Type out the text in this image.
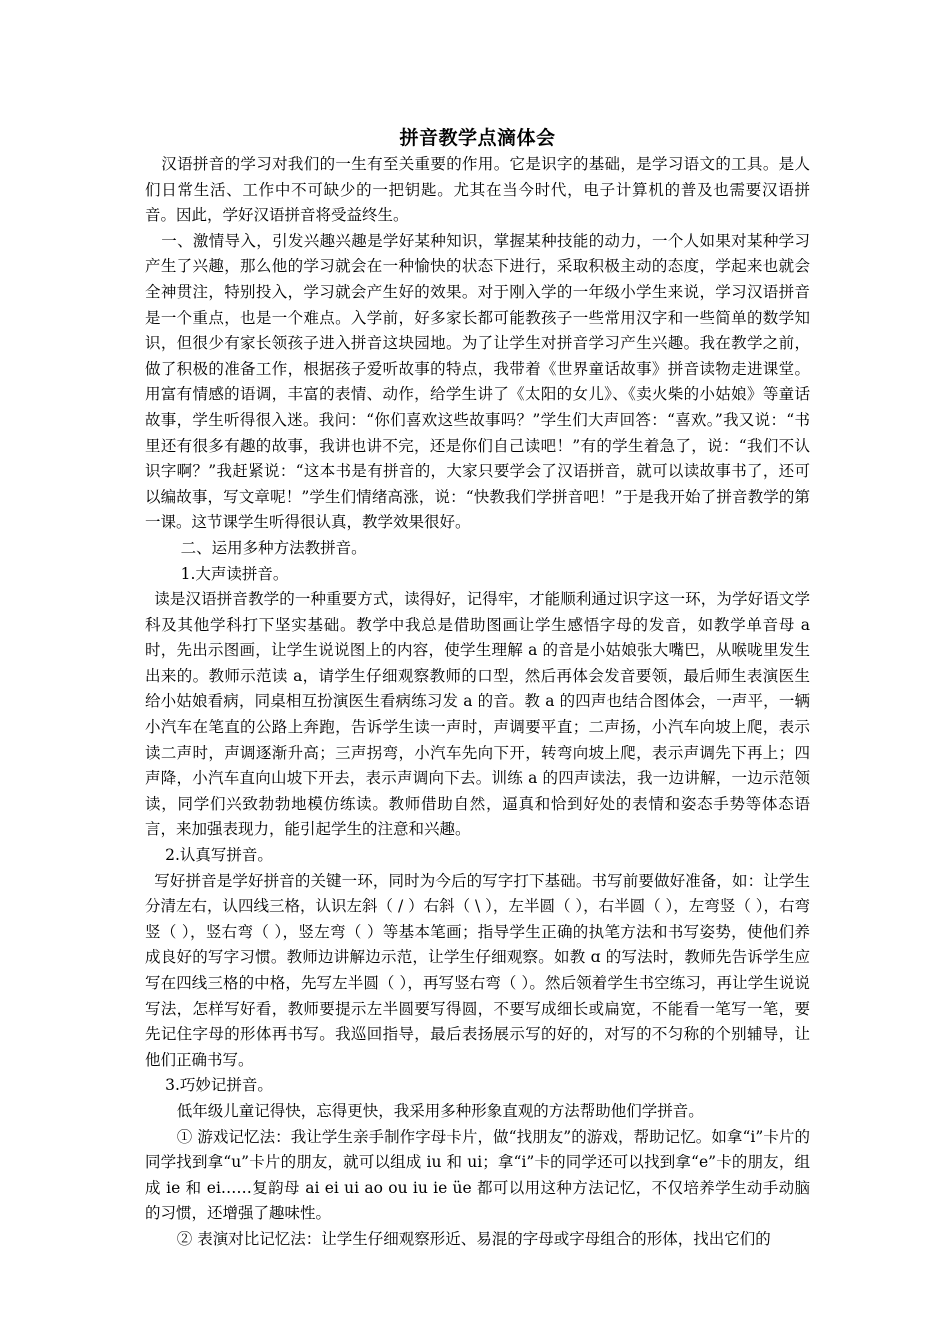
拼音教学点滴体会

汉语拼音的学习对我们的一生有至关重要的作用。它是识字的基础，是学习语文的工具。是人们日常生活、工作中不可缺少的一把钥匙。尤其在当今时代，电子计算机的普及也需要汉语拼音。因此，学好汉语拼音将受益终生。

一、激情导入，引发兴趣兴趣是学好某种知识，掌握某种技能的动力，一个人如果对某种学习产生了兴趣，那么他的学习就会在一种愉快的状态下进行，采取积极主动的态度，学起来也就会全神贯注，特别投入，学习就会产生好的效果。对于刚入学的一年级小学生来说，学习汉语拼音是一个重点，也是一个难点。入学前，好多家长都可能教孩子一些常用汉字和一些简单的数学知识，但很少有家长领孩子进入拼音这块园地。为了让学生对拼音学习产生兴趣。我在教学之前，做了积极的准备工作，根据孩子爱听故事的特点，我带着《世界童话故事》拼音读物走进课堂。用富有情感的语调，丰富的表情、动作，给学生讲了《太阳的女儿》、《卖火柴的小姑娘》等童话故事，学生听得很入迷。我问：“你们喜欢这些故事吗？”学生们大声回答：“喜欢。”我又说：“书里还有很多有趣的故事，我讲也讲不完，还是你们自己读吧！”有的学生着急了，说：“我们不认识字啊？”我赶紧说：“这本书是有拼音的，大家只要学会了汉语拼音，就可以读故事书了，还可以编故事，写文章呢！”学生们情绪高涨，说：“快教我们学拼音吧！”于是我开始了拼音教学的第一课。这节课学生听得很认真，教学效果很好。

二、运用多种方法教拼音。

1.大声读拼音。

读是汉语拼音教学的一种重要方式，读得好，记得牢，才能顺利通过识字这一环，为学好语文学科及其他学科打下坚实基础。教学中我总是借助图画让学生感悟字母的发音，如教学单音母 a 时，先出示图画，让学生说说图上的内容，使学生理解 a 的音是小姑娘张大嘴巴，从喉咙里发生出来的。教师示范读 a，请学生仔细观察教师的口型，然后再体会发音要领，最后师生表演医生给小姑娘看病，同桌相互扮演医生看病练习发 a 的音。教 a 的四声也结合图体会，一声平，一辆小汽车在笔直的公路上奔跑，告诉学生读一声时，声调要平直；二声扬，小汽车向坡上爬，表示读二声时，声调逐渐升高；三声拐弯，小汽车先向下开，转弯向坡上爬，表示声调先下再上；四声降，小汽车直向山坡下开去，表示声调向下去。训练 a 的四声读法，我一边讲解，一边示范领读，同学们兴致勃勃地模仿练读。教师借助自然，逼真和恰到好处的表情和姿态手势等体态语言，来加强表现力，能引起学生的注意和兴趣。

2.认真写拼音。

写好拼音是学好拼音的关键一环，同时为今后的写字打下基础。书写前要做好准备，如：让学生分清左右，认四线三格，认识左斜（ / ）右斜（ \ ），左半圆（ ），右半圆（ ），左弯竖（ ），右弯竖（ ），竖右弯（ ），竖左弯（ ）等基本笔画；指导学生正确的执笔方法和书写姿势，使他们养成良好的写字习惯。教师边讲解边示范，让学生仔细观察。如教 ɑ 的写法时，教师先告诉学生应写在四线三格的中格，先写左半圆（ ），再写竖右弯（ ）。然后领着学生书空练习，再让学生说说写法，怎样写好看，教师要提示左半圆要写得圆，不要写成细长或扁宽，不能看一笔写一笔，要先记住字母的形体再书写。我巡回指导，最后表扬展示写的好的，对写的不匀称的个别辅导，让他们正确书写。

3.巧妙记拼音。

低年级儿童记得快，忘得更快，我采用多种形象直观的方法帮助他们学拼音。

① 游戏记忆法：我让学生亲手制作字母卡片，做“找朋友”的游戏，帮助记忆。如拿“i”卡片的同学找到拿“u”卡片的朋友，就可以组成 iu 和 ui；拿“i”卡的同学还可以找到拿“e”卡的朋友，组成 ie 和 ei……复韵母 ai ei ui ao ou iu ie üe 都可以用这种方法记忆，不仅培养学生动手动脑的习惯，还增强了趣味性。

② 表演对比记忆法：让学生仔细观察形近、易混的字母或字母组合的形体，找出它们的
